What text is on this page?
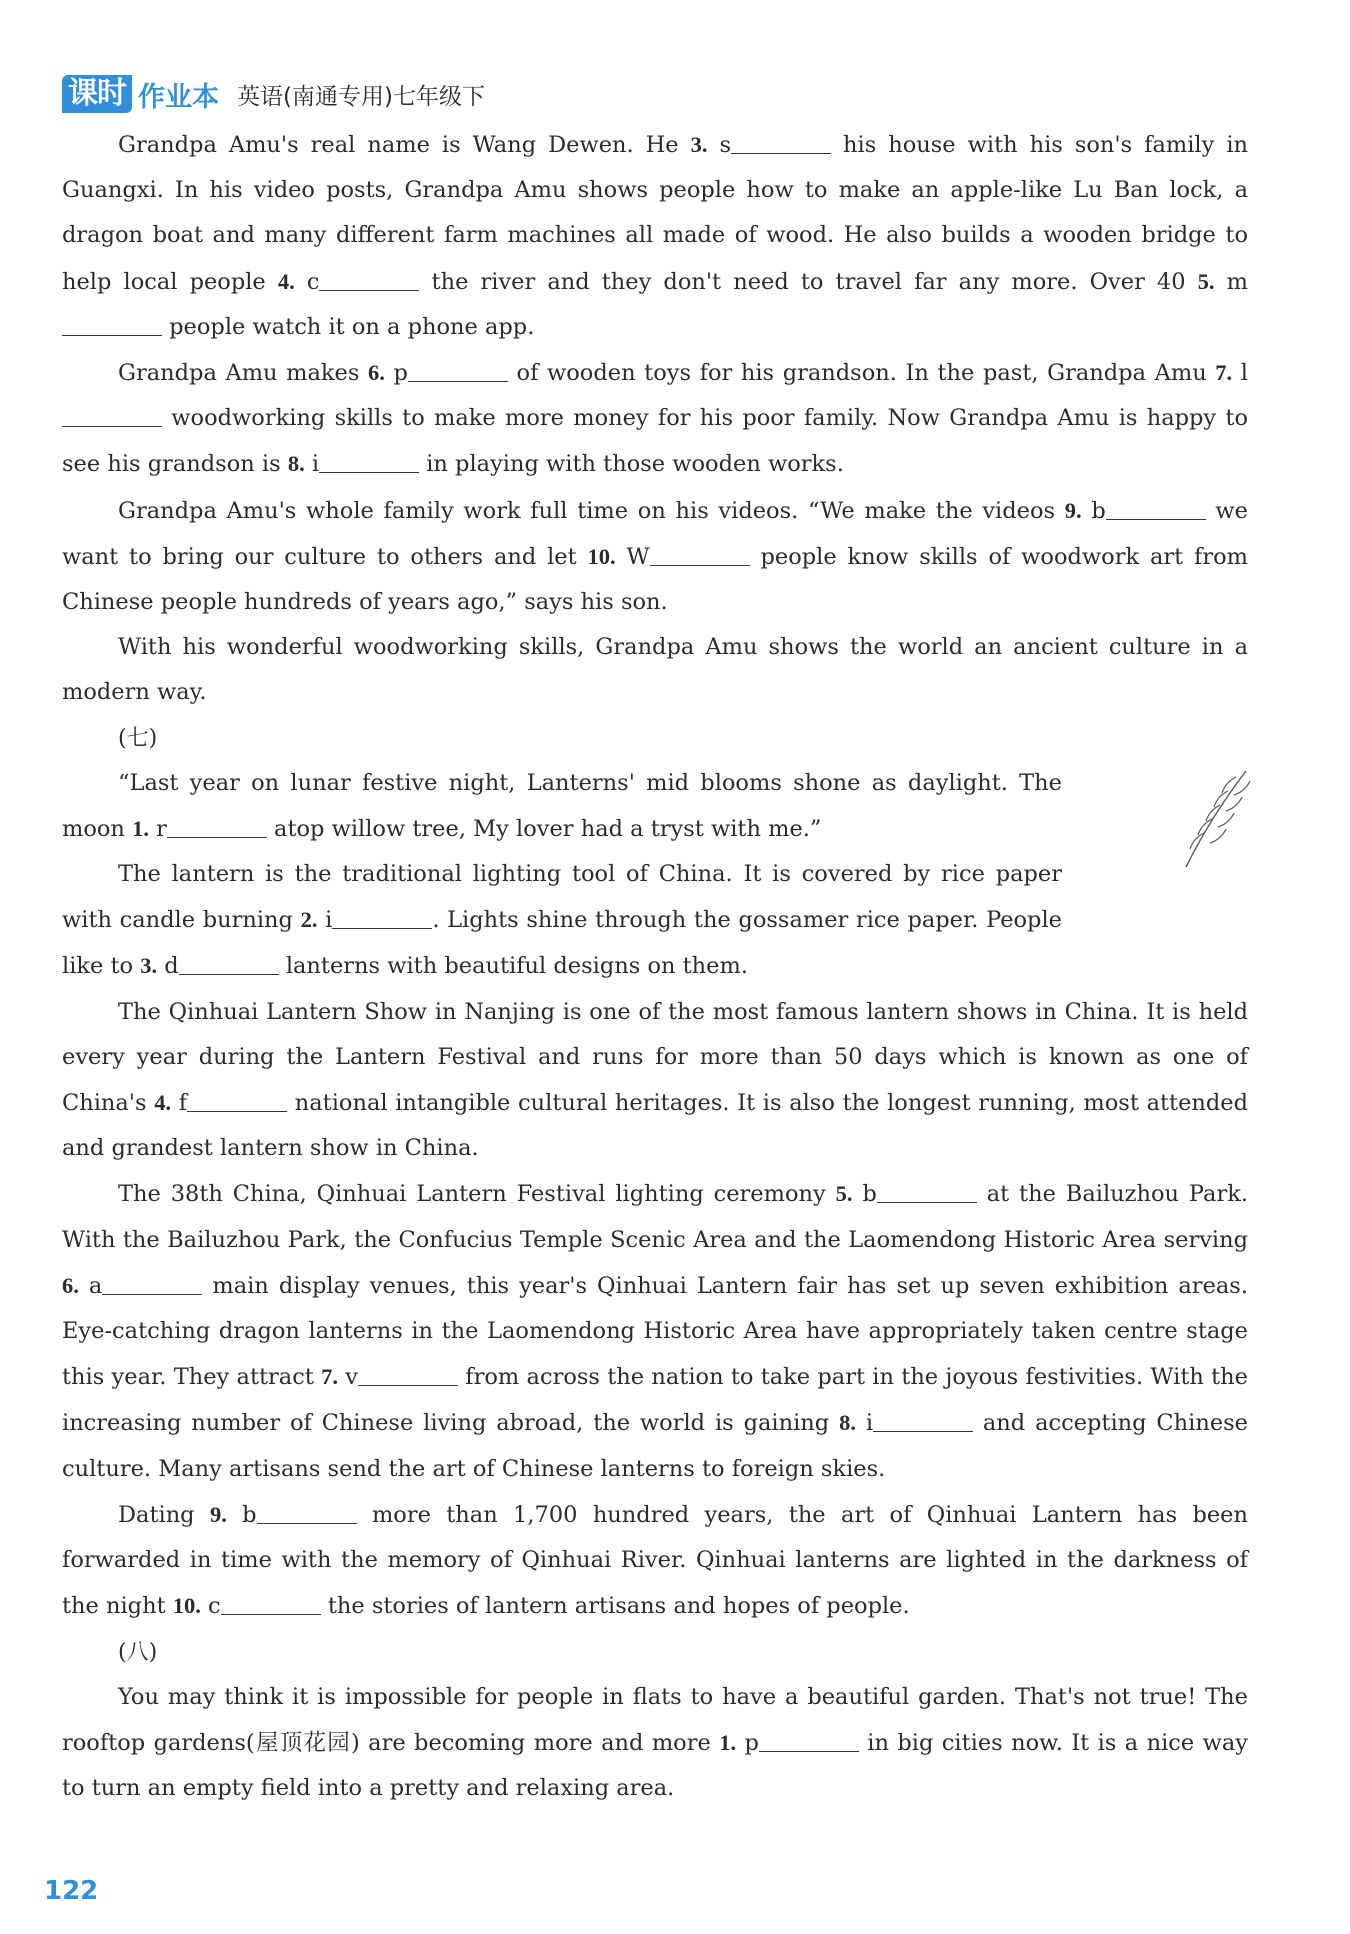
课时 作业本 英语(南通专用)七年级下

Grandpa Amu's real name is Wang Dewen. He 3. s	his house with his son's family in Guangxi. In his video posts, Grandpa Amu shows people how to make an apple-like Lu Ban lock, a dragon boat and many different farm machines all made of wood. He also builds a wooden bridge to help local people 4. c	the river and they don't need to travel far any more. Over 40 5. m people watch it on a phone app.

Grandpa Amu makes 6. p	of wooden toys for his grandson. In the past, Grandpa Amu 7. l woodworking skills to make more money for his poor family. Now Grandpa Amu is happy to see his grandson is 8. i	in playing with those wooden works.

Grandpa Amu's whole family work full time on his videos. “We make the videos 9. b	we want to bring our culture to others and let 10. W	people know skills of woodwork art from Chinese people hundreds of years ago,” says his son.

With his wonderful woodworking skills, Grandpa Amu shows the world an ancient culture in a modern way.

(七)

“Last year on lunar festive night, Lanterns' mid blooms shone as daylight. The moon 1. r	atop willow tree, My lover had a tryst with me.”

The lantern is the traditional lighting tool of China. It is covered by rice paper with candle burning 2. i	. Lights shine through the gossamer rice paper. People like to 3. d	lanterns with beautiful designs on them.

The Qinhuai Lantern Show in Nanjing is one of the most famous lantern shows in China. It is held every year during the Lantern Festival and runs for more than 50 days which is known as one of China's 4. f	national intangible cultural heritages. It is also the longest running, most attended and grandest lantern show in China.

The 38th China, Qinhuai Lantern Festival lighting ceremony 5. b	at the Bailuzhou Park. With the Bailuzhou Park, the Confucius Temple Scenic Area and the Laomendong Historic Area serving 6. a	main display venues, this year's Qinhuai Lantern fair has set up seven exhibition areas. Eye-catching dragon lanterns in the Laomendong Historic Area have appropriately taken centre stage this year. They attract 7. v	from across the nation to take part in the joyous festivities. With the increasing number of Chinese living abroad, the world is gaining 8. i	and accepting Chinese culture. Many artisans send the art of Chinese lanterns to foreign skies.

Dating 9. b	more than 1,700 hundred years, the art of Qinhuai Lantern has been forwarded in time with the memory of Qinhuai River. Qinhuai lanterns are lighted in the darkness of the night 10. c	the stories of lantern artisans and hopes of people.

(八)

You may think it is impossible for people in flats to have a beautiful garden. That's not true! The rooftop gardens(屋顶花园) are becoming more and more 1. p	in big cities now. It is a nice way to turn an empty field into a pretty and relaxing area.

122
